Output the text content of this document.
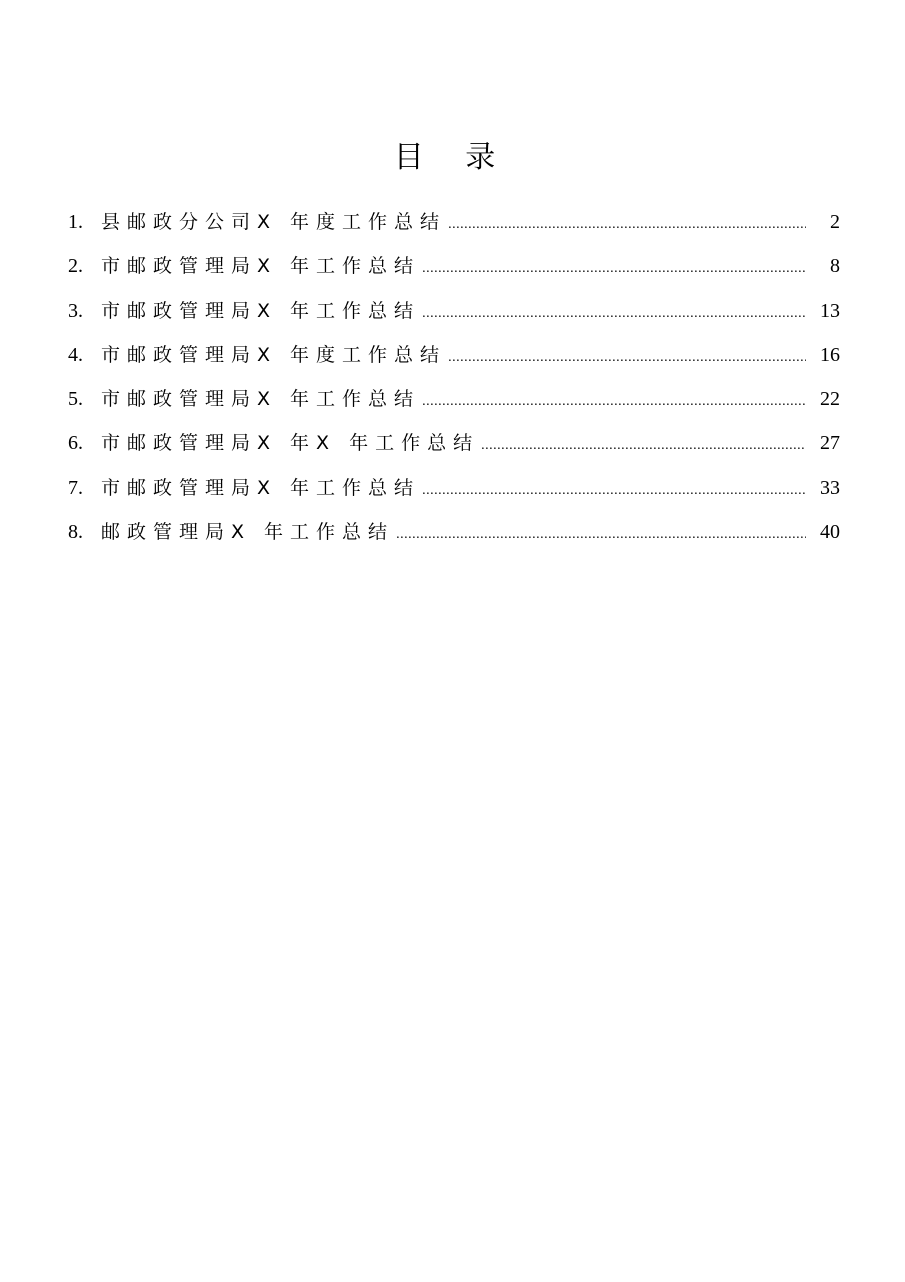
目 录
1. 县邮政分公司X 年度工作总结 .....	2
2. 市邮政管理局X 年工作总结 .....	8
3. 市邮政管理局X 年工作总结 .....	13
4. 市邮政管理局X 年度工作总结 .....	16
5. 市邮政管理局X 年工作总结 .....	22
6. 市邮政管理局X 年X 年工作总结 .....	27
7. 市邮政管理局X 年工作总结 .....	33
8. 邮政管理局X 年工作总结 .....	40
